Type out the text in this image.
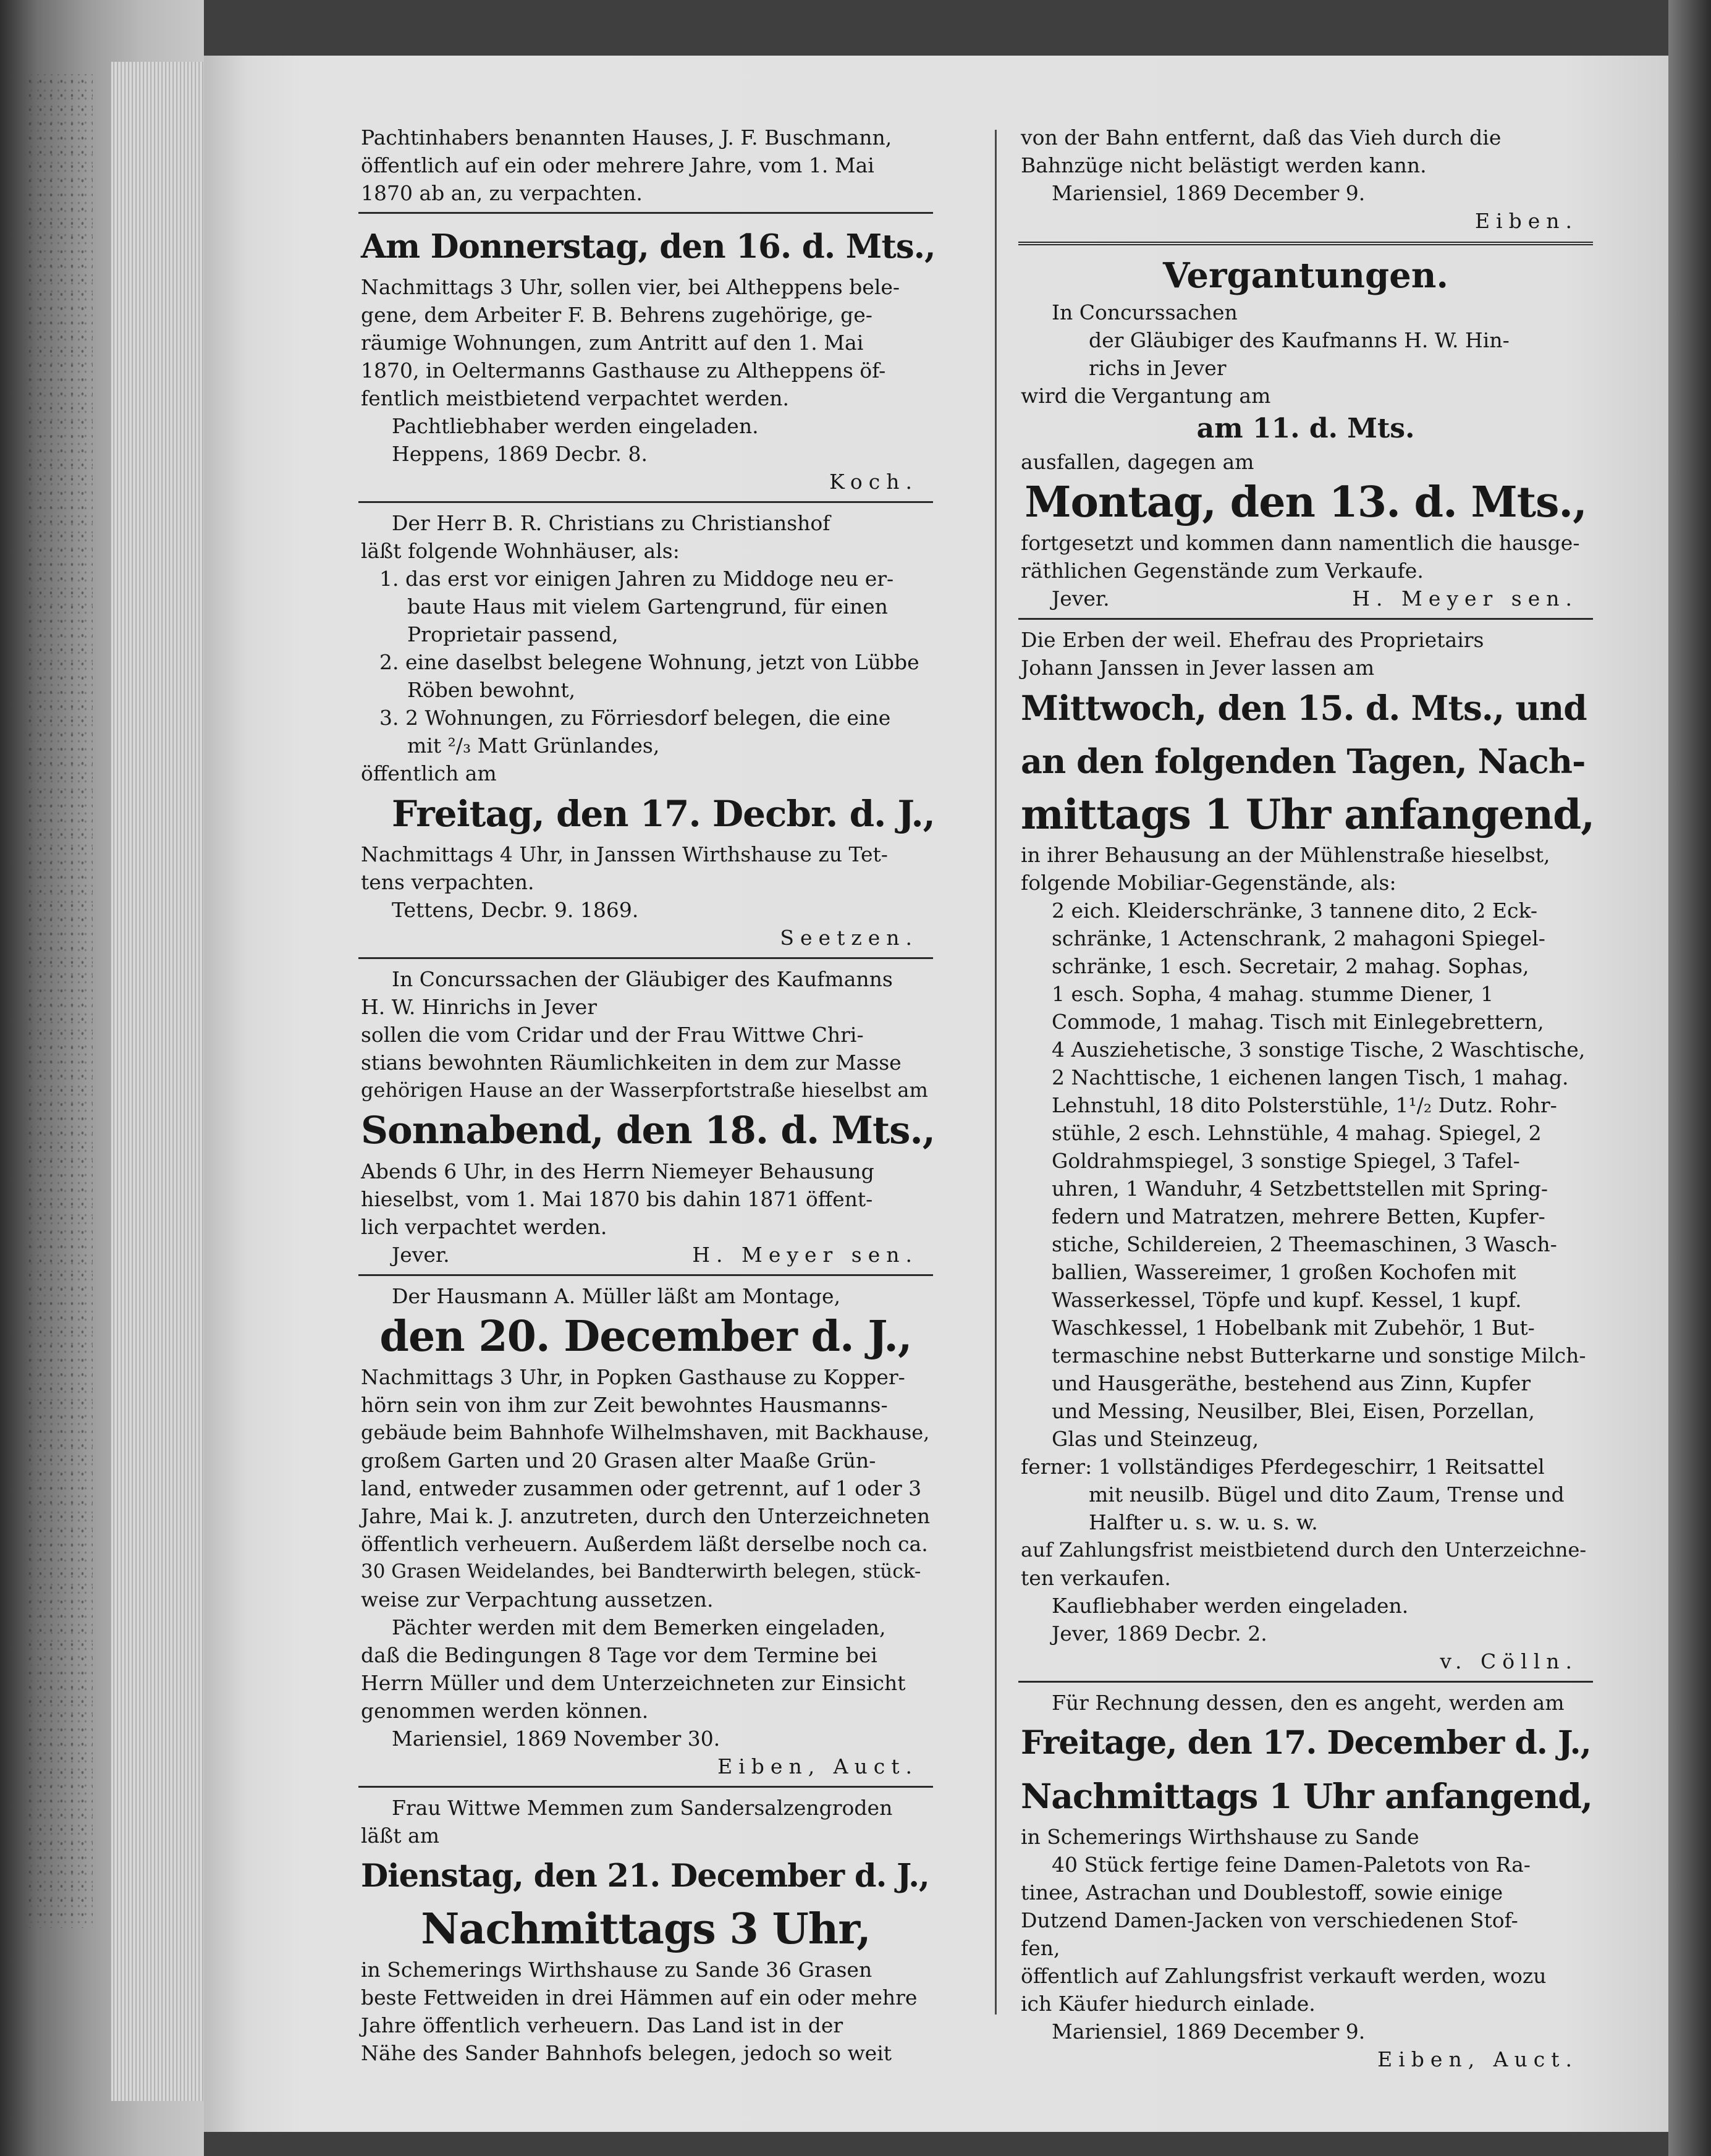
Pachtinhabers benannten Hauses, J. F. Buschmann,
öffentlich auf ein oder mehrere Jahre, vom 1. Mai
1870 ab an, zu verpachten.
Am Donnerstag, den 16. d. Mts.,
Nachmittags 3 Uhr, sollen vier, bei Altheppens bele-
gene, dem Arbeiter F. B. Behrens zugehörige, ge-
räumige Wohnungen, zum Antritt auf den 1. Mai
1870, in Oeltermanns Gasthause zu Altheppens öf-
fentlich meistbietend verpachtet werden.
Pachtliebhaber werden eingeladen.
Heppens, 1869 Decbr. 8.
Koch.
Der Herr B. R. Christians zu Christianshof
läßt folgende Wohnhäuser, als:
1. das erst vor einigen Jahren zu Middoge neu er-
baute Haus mit vielem Gartengrund, für einen
Proprietair passend,
2. eine daselbst belegene Wohnung, jetzt von Lübbe
Röben bewohnt,
3. 2 Wohnungen, zu Förriesdorf belegen, die eine
mit ²/₃ Matt Grünlandes,
öffentlich am
Freitag, den 17. Decbr. d. J.,
Nachmittags 4 Uhr, in Janssen Wirthshause zu Tet-
tens verpachten.
Tettens, Decbr. 9. 1869.
Seetzen.
In Concurssachen der Gläubiger des Kaufmanns
H. W. Hinrichs in Jever
sollen die vom Cridar und der Frau Wittwe Chri-
stians bewohnten Räumlichkeiten in dem zur Masse
gehörigen Hause an der Wasserpfortstraße hieselbst am
Sonnabend, den 18. d. Mts.,
Abends 6 Uhr, in des Herrn Niemeyer Behausung
hieselbst, vom 1. Mai 1870 bis dahin 1871 öffent-
lich verpachtet werden.
Jever.	H. Meyer sen.
Der Hausmann A. Müller läßt am Montage,
den 20. December d. J.,
Nachmittags 3 Uhr, in Popken Gasthause zu Kopper-
hörn sein von ihm zur Zeit bewohntes Hausmanns-
gebäude beim Bahnhofe Wilhelmshaven, mit Backhause,
großem Garten und 20 Grasen alter Maaße Grün-
land, entweder zusammen oder getrennt, auf 1 oder 3
Jahre, Mai k. J. anzutreten, durch den Unterzeichneten
öffentlich verheuern. Außerdem läßt derselbe noch ca.
30 Grasen Weidelandes, bei Bandterwirth belegen, stück-
weise zur Verpachtung aussetzen.
Pächter werden mit dem Bemerken eingeladen,
daß die Bedingungen 8 Tage vor dem Termine bei
Herrn Müller und dem Unterzeichneten zur Einsicht
genommen werden können.
Mariensiel, 1869 November 30.
Eiben, Auct.
Frau Wittwe Memmen zum Sandersalzengroden
läßt am
Dienstag, den 21. December d. J.,
Nachmittags 3 Uhr,
in Schemerings Wirthshause zu Sande 36 Grasen
beste Fettweiden in drei Hämmen auf ein oder mehre
Jahre öffentlich verheuern. Das Land ist in der
Nähe des Sander Bahnhofs belegen, jedoch so weit
von der Bahn entfernt, daß das Vieh durch die
Bahnzüge nicht belästigt werden kann.
Mariensiel, 1869 December 9.
Eiben.
Vergantungen.
In Concurssachen
der Gläubiger des Kaufmanns H. W. Hin-
richs in Jever
wird die Vergantung am
am 11. d. Mts.
ausfallen, dagegen am
Montag, den 13. d. Mts.,
fortgesetzt und kommen dann namentlich die hausge-
räthlichen Gegenstände zum Verkaufe.
Jever.	H. Meyer sen.
Die Erben der weil. Ehefrau des Proprietairs
Johann Janssen in Jever lassen am
Mittwoch, den 15. d. Mts., und
an den folgenden Tagen, Nach-
mittags 1 Uhr anfangend,
in ihrer Behausung an der Mühlenstraße hieselbst,
folgende Mobiliar-Gegenstände, als:
2 eich. Kleiderschränke, 3 tannene dito, 2 Eck-
schränke, 1 Actenschrank, 2 mahagoni Spiegel-
schränke, 1 esch. Secretair, 2 mahag. Sophas,
1 esch. Sopha, 4 mahag. stumme Diener, 1
Commode, 1 mahag. Tisch mit Einlegebrettern,
4 Ausziehetische, 3 sonstige Tische, 2 Waschtische,
2 Nachttische, 1 eichenen langen Tisch, 1 mahag.
Lehnstuhl, 18 dito Polsterstühle, 1¹/₂ Dutz. Rohr-
stühle, 2 esch. Lehnstühle, 4 mahag. Spiegel, 2
Goldrahmspiegel, 3 sonstige Spiegel, 3 Tafel-
uhren, 1 Wanduhr, 4 Setzbettstellen mit Spring-
federn und Matratzen, mehrere Betten, Kupfer-
stiche, Schildereien, 2 Theemaschinen, 3 Wasch-
ballien, Wassereimer, 1 großen Kochofen mit
Wasserkessel, Töpfe und kupf. Kessel, 1 kupf.
Waschkessel, 1 Hobelbank mit Zubehör, 1 But-
termaschine nebst Butterkarne und sonstige Milch-
und Hausgeräthe, bestehend aus Zinn, Kupfer
und Messing, Neusilber, Blei, Eisen, Porzellan,
Glas und Steinzeug,
ferner: 1 vollständiges Pferdegeschirr, 1 Reitsattel
mit neusilb. Bügel und dito Zaum, Trense und
Halfter u. s. w. u. s. w.
auf Zahlungsfrist meistbietend durch den Unterzeichne-
ten verkaufen.
Kaufliebhaber werden eingeladen.
Jever, 1869 Decbr. 2.
v. Cölln.
Für Rechnung dessen, den es angeht, werden am
Freitage, den 17. December d. J.,
Nachmittags 1 Uhr anfangend,
in Schemerings Wirthshause zu Sande
40 Stück fertige feine Damen-Paletots von Ra-
tinee, Astrachan und Doublestoff, sowie einige
Dutzend Damen-Jacken von verschiedenen Stof-
fen,
öffentlich auf Zahlungsfrist verkauft werden, wozu
ich Käufer hiedurch einlade.
Mariensiel, 1869 December 9.
Eiben, Auct.
